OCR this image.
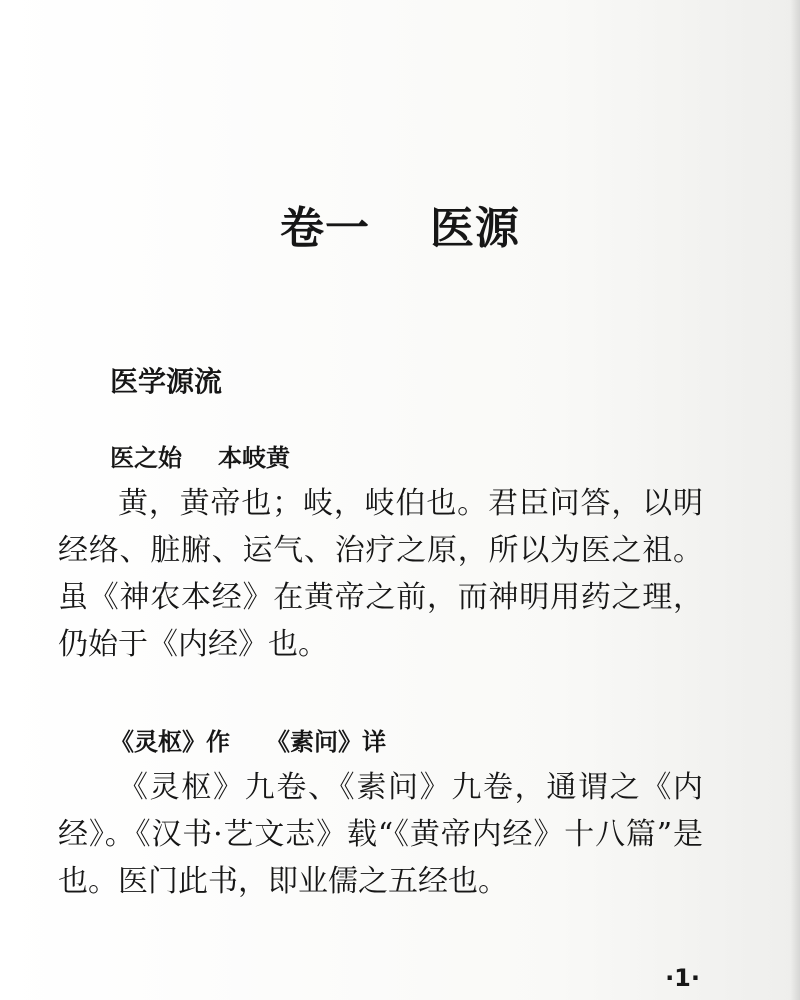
卷一 医源
医学源流
医之始 本岐黄

黄，黄帝也；岐，岐伯也。君臣问答，以明经络、脏腑、运气、治疗之原，所以为医之祖。虽《神农本经》在黄帝之前，而神明用药之理，仍始于《内经》也。

《灵枢》作 《素问》详

《灵枢》九卷、《素问》九卷，通谓之《内经》。《汉书·艺文志》载“《黄帝内经》十八篇”是也。医门此书，即业儒之五经也。

·1·
